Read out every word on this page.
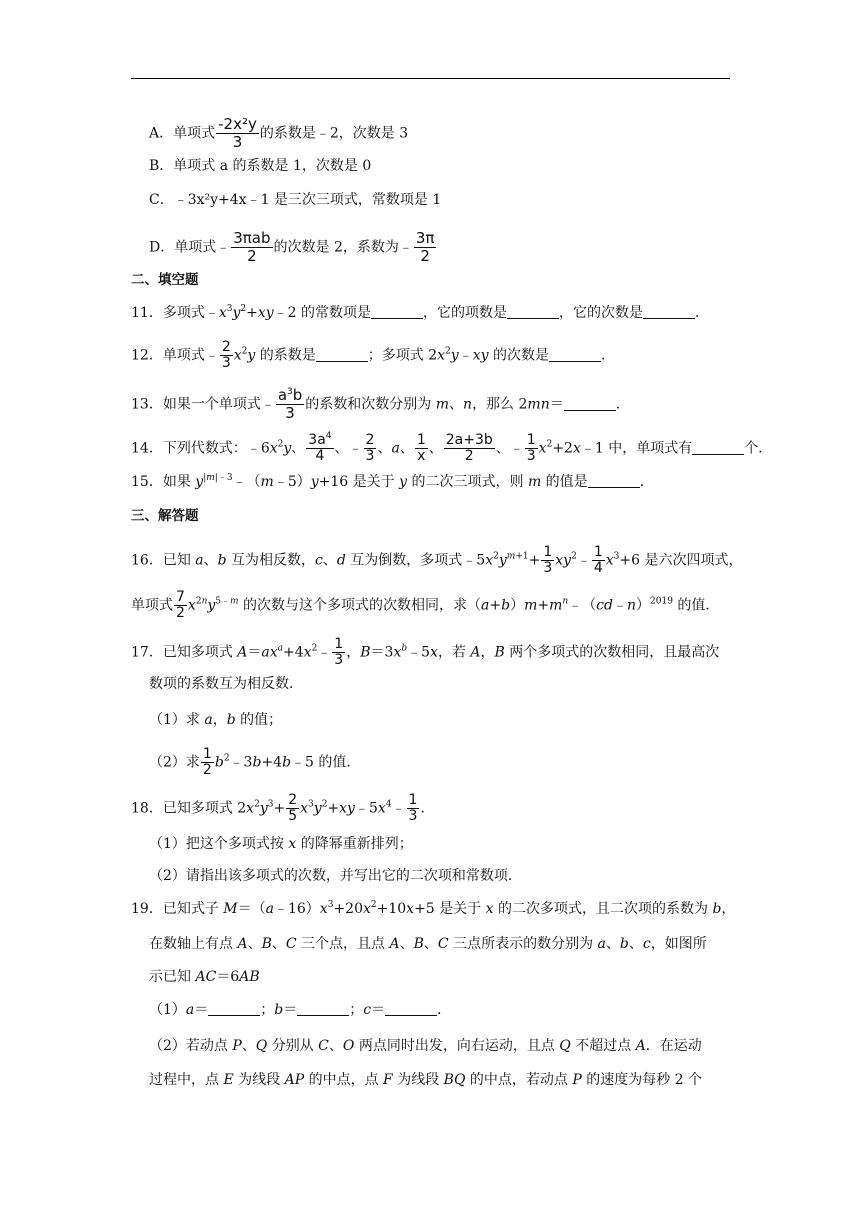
A．单项式 $\frac{\text{-2x²y}}{3}$ 的系数是﹣2，次数是 3
B．单项式 a 的系数是 1，次数是 0
C．﹣3x²y+4x﹣1 是三次三项式，常数项是 1
D．单项式﹣ $\frac{\text{3πab}}{2}$ 的次数是 2，系数为﹣ $\frac{3\pi}{2}$
二、填空题
11．多项式$﹣x^3y^2+xy﹣2$ 的常数项是	，它的项数是	，它的次数是	．
12．单项式﹣ $\frac{2}{3} x^2y$ 的系数是	；多项式 $2x^2y﹣xy$ 的次数是	．
13．如果一个单项式﹣ $\frac{a^3b}{3}$ 的系数和次数分别为 m、n，那么 2mn＝	．
14．下列代数式：$﹣6x^2y$、 $\frac{3a^4}{4}$ 、﹣ $\frac{2}{3}$ 、a、 $\frac{1}{x}$ 、 $\frac{2a+3b}{2}$ 、﹣ $\frac{1}{3}$ $x^2+2x﹣1$ 中，单项式有	个．
15．如果 $y^{|m|﹣3}﹣(m﹣5)y+16$ 是关于 y 的二次三项式，则 m 的值是	．
三、解答题
16．已知 a、b 互为相反数，c、d 互为倒数，多项式$﹣5x^2y^{m+1}+ \frac{1}{3}$ $xy^2﹣ \frac{1}{4} x^3+6$ 是六次四项式，
单项式 $\frac{7}{2} x^{2n}y^{5﹣m}$ 的次数与这个多项式的次数相同，求$(a+b)m+m^n﹣(cd﹣n)^{2019}$ 的值．
17．已知多项式 $A=ax^a+4x^2﹣ \frac{1}{3}$ ，$B=3x^b﹣5x$，若 A，B 两个多项式的次数相同，且最高次
数项的系数互为相反数．
（1）求 a，b 的值；
（2）求 $\frac{1}{2}$ $b^2﹣3b+4b﹣5$ 的值．
18．已知多项式 $2x^2y^3+ \frac{2}{5}$ $x^3y^2+xy﹣5x^4﹣ \frac{1}{3}$ ．
（1）把这个多项式按 x 的降幂重新排列；
（2）请指出该多项式的次数，并写出它的二次项和常数项．
19．已知式子 $M=(a﹣16)x^3+20x^2+10x+5$ 是关于 x 的二次多项式，且二次项的系数为 b，
在数轴上有点 A、B、C 三个点，且点 A、B、C 三点所表示的数分别为 a、b、c，如图所
示已知 AC＝6AB
（1）a＝	；b＝	；c＝	．
（2）若动点 P、Q 分别从 C、O 两点同时出发，向右运动，且点 Q 不超过点 A．在运动
过程中，点 E 为线段 AP 的中点，点 F 为线段 BQ 的中点，若动点 P 的速度为每秒 2 个
